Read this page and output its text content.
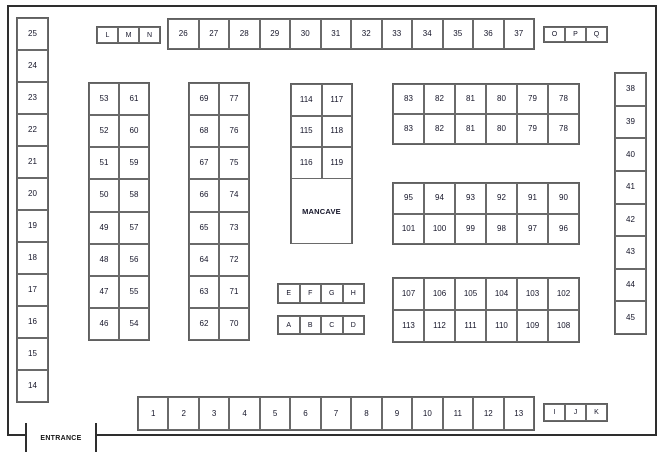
ENTRANCE
25
24
23
22
21
20
19
18
17
16
15
14
L	M	N	26	27	28	29	30	31	32	33	34	35	36	37	O	P	Q
38
39
40
41
42
43
44
45
53	61
52	60
51	59
50	58
49	57
48	56
47	55
46	54
69	77
68	76
67	75
66	74
65	73
64	72
63	71
62	70
114	117
115	118
116	119
MANCAVE
83	82	81	80	79	78
83	82	81	80	79	78
95	94	93	92	91	90
101	100	99	98	97	96
107	106	105	104	103	102
113	112	111	110	109	108
E	F	G	H
A	B	C	D
1	2	3	4	5	6	7	8	9	10	11	12	13	I	J	K
